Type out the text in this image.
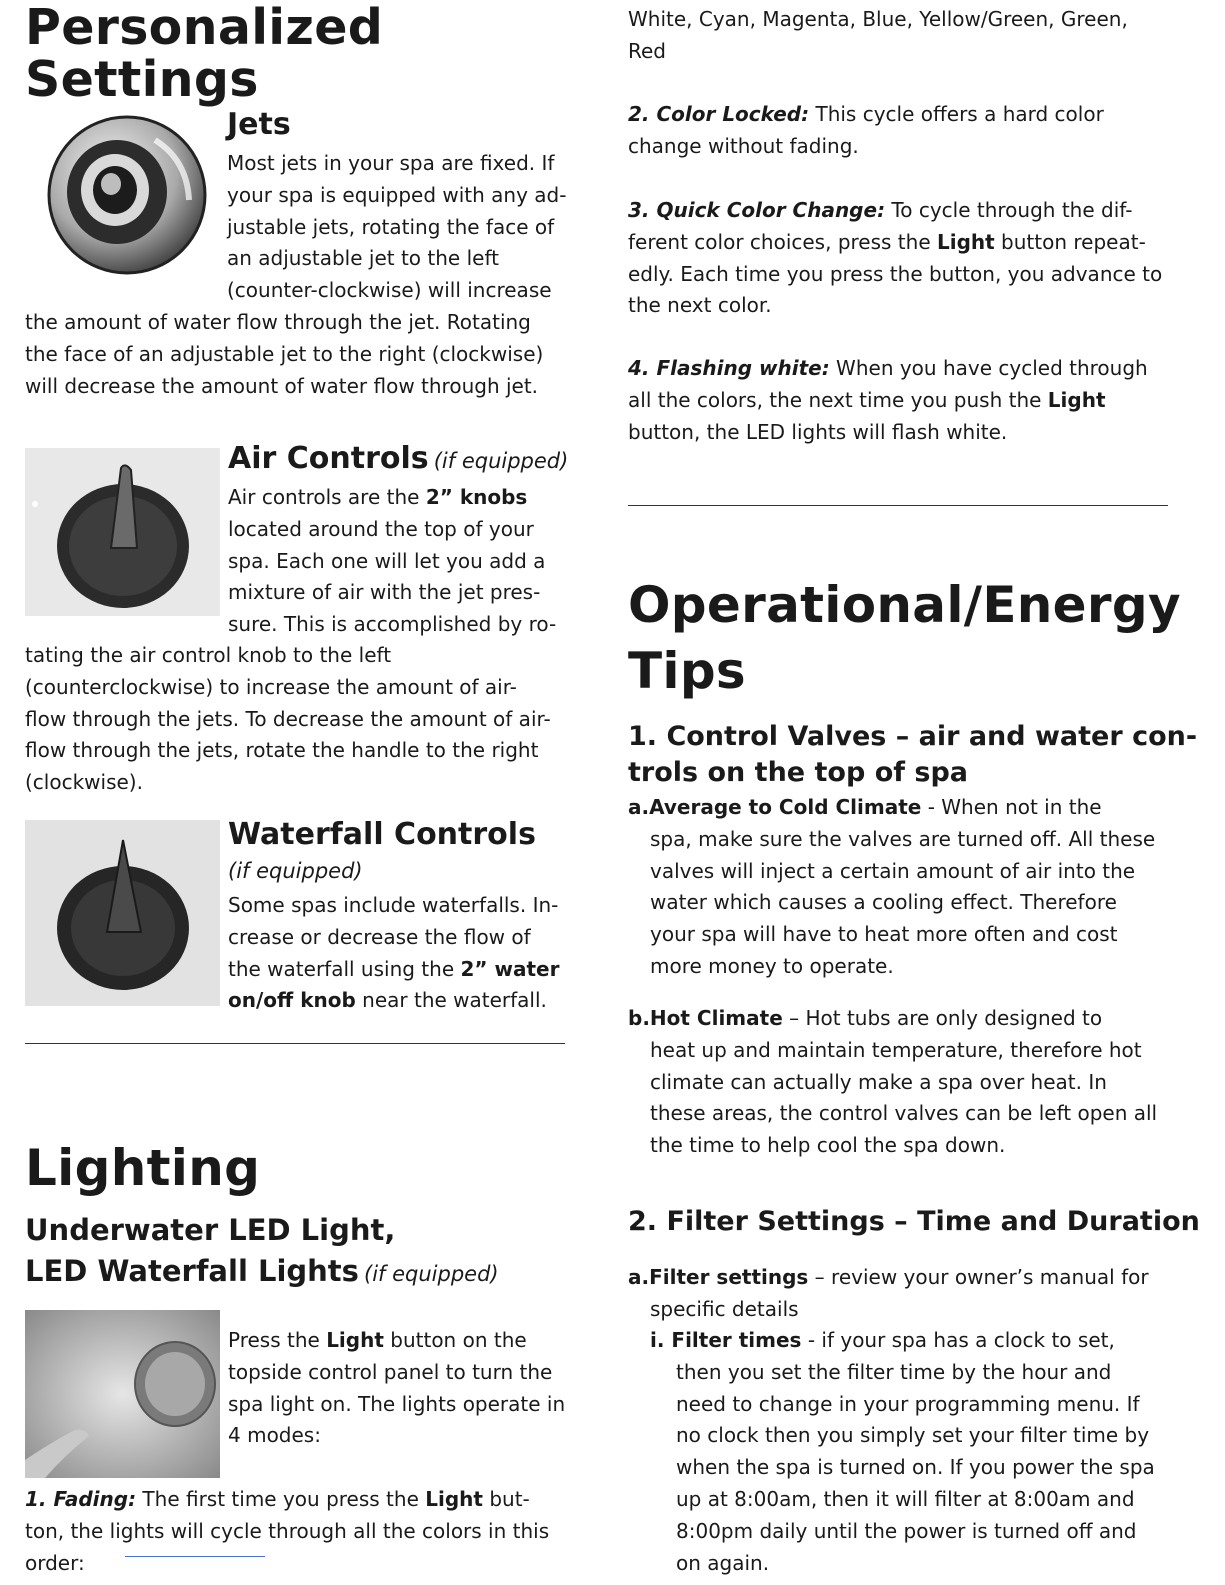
Personalized Settings
Jets
Most jets in your spa are fixed. If
your spa is equipped with any ad-
justable jets, rotating the face of
an adjustable jet to the left
(counter-clockwise) will increase
the amount of water flow through the jet. Rotating
the face of an adjustable jet to the right (clockwise)
will decrease the amount of water flow through jet.
Air Controls (if equipped)
Air controls are the 2” knobs
located around the top of your
spa. Each one will let you add a
mixture of air with the jet pres-
sure. This is accomplished by ro-
tating the air control knob to the left
(counterclockwise) to increase the amount of air-
flow through the jets. To decrease the amount of air-
flow through the jets, rotate the handle to the right
(clockwise).
Waterfall Controls
(if equipped)
Some spas include waterfalls. In-
crease or decrease the flow of
the waterfall using the 2” water
on/off knob near the waterfall.
Lighting
Underwater LED Light,
LED Waterfall Lights (if equipped)
Press the Light button on the
topside control panel to turn the
spa light on. The lights operate in
4 modes:
1. Fading: The first time you press the Light but-
ton, the lights will cycle through all the colors in this
order:
White, Cyan, Magenta, Blue, Yellow/Green, Green,
Red
2. Color Locked: This cycle offers a hard color
change without fading.
3. Quick Color Change: To cycle through the dif-
ferent color choices, press the Light button repeat-
edly. Each time you press the button, you advance to
the next color.
4. Flashing white: When you have cycled through
all the colors, the next time you push the Light
button, the LED lights will flash white.
Operational/Energy
Tips
1. Control Valves – air and water con-
trols on the top of spa
a.Average to Cold Climate - When not in the
spa, make sure the valves are turned off. All these
valves will inject a certain amount of air into the
water which causes a cooling effect. Therefore
your spa will have to heat more often and cost
more money to operate.
b.Hot Climate – Hot tubs are only designed to
heat up and maintain temperature, therefore hot
climate can actually make a spa over heat. In
these areas, the control valves can be left open all
the time to help cool the spa down.
2. Filter Settings – Time and Duration
a.Filter settings – review your owner’s manual for
specific details
i. Filter times - if your spa has a clock to set,
then you set the filter time by the hour and
need to change in your programming menu. If
no clock then you simply set your filter time by
when the spa is turned on. If you power the spa
up at 8:00am, then it will filter at 8:00am and
8:00pm daily until the power is turned off and
on again.
